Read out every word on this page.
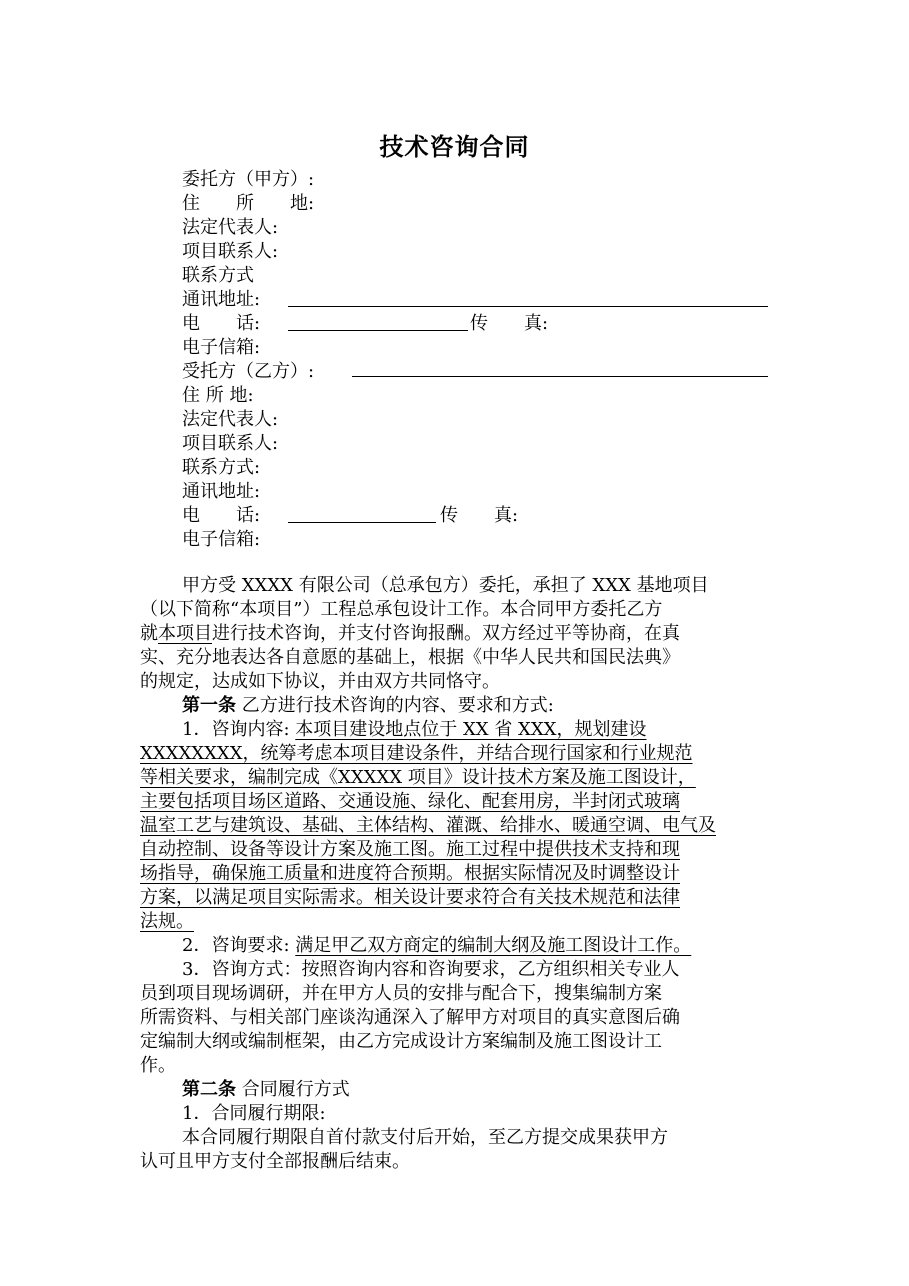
技术咨询合同
委托方（甲方）:
住　　所　　地:
法定代表人:
项目联系人:
联系方式
通讯地址:
电　　话:	传　　真:
电子信箱:
受托方（乙方）:
住 所 地:
法定代表人:
项目联系人:
联系方式:
通讯地址:
电　　话:	传　　真:
电子信箱:
甲方受 XXXX 有限公司（总承包方）委托，承担了 XXX 基地项目
（以下简称“本项目”）工程总承包设计工作。本合同甲方委托乙方
就本项目进行技术咨询，并支付咨询报酬。双方经过平等协商，在真
实、充分地表达各自意愿的基础上，根据《中华人民共和国民法典》
的规定，达成如下协议，并由双方共同恪守。
第一条 乙方进行技术咨询的内容、要求和方式:
1．咨询内容: 本项目建设地点位于 XX 省 XXX，规划建设
XXXXXXXX，统筹考虑本项目建设条件，并结合现行国家和行业规范
等相关要求，编制完成《XXXXX 项目》设计技术方案及施工图设计，
主要包括项目场区道路、交通设施、绿化、配套用房，半封闭式玻璃
温室工艺与建筑设、基础、主体结构、灌溉、给排水、暖通空调、电气及
自动控制、设备等设计方案及施工图。施工过程中提供技术支持和现
场指导，确保施工质量和进度符合预期。根据实际情况及时调整设计
方案，以满足项目实际需求。相关设计要求符合有关技术规范和法律
法规。
2．咨询要求: 满足甲乙双方商定的编制大纲及施工图设计工作。
3．咨询方式：按照咨询内容和咨询要求，乙方组织相关专业人
员到项目现场调研，并在甲方人员的安排与配合下，搜集编制方案
所需资料、与相关部门座谈沟通深入了解甲方对项目的真实意图后确
定编制大纲或编制框架，由乙方完成设计方案编制及施工图设计工
作。
第二条 合同履行方式
1．合同履行期限:
本合同履行期限自首付款支付后开始，至乙方提交成果获甲方
认可且甲方支付全部报酬后结束。
